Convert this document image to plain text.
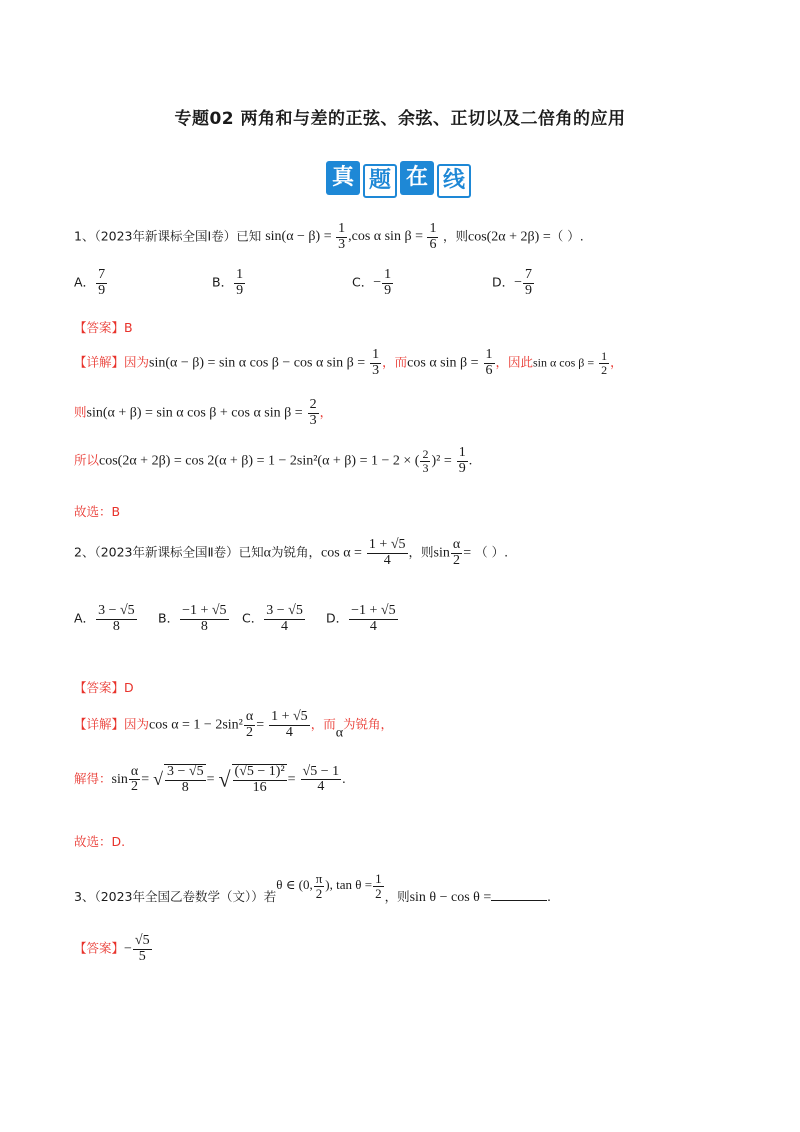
专题02 两角和与差的正弦、余弦、正切以及二倍角的应用
真 题 在 线
1、（2023年新课标全国Ⅰ卷）已知 $\sin(\alpha - \beta) = \frac{1}{3} ,\cos$ α $\sin \beta = \frac{1}{6}$ ，则cos(2α + 2β) =（ ）.
A． $\frac{7}{9}$	B． $\frac{1}{9}$	C．− $\frac{1}{9}$	D．− $\frac{7}{9}$
【答案】B
【详解】因为sin(α − β) = sin α cos β − cos α $\sin \beta = \frac{1}{3}$ ，而cos α $\sin \beta = \frac{1}{6}$ ，因此sin α $\cos \beta = \frac{1}{2}$ ，
则sin(α + β) = sin α cos β + cos α $\sin \beta = \frac{2}{3}$ ，
所以cos(2α + 2β) = cos 2(α + β) = 1 − 2sin²(α + β) = 1 − 2 × ( $\frac{2}{3} )^2 = \frac{1}{9}$ .
故选：B
2、（2023年新课标全国Ⅱ卷）已知α为锐角，$\cos \alpha = \frac{1 + √5}{4}$ ，则$\sin \frac{\alpha}{2}$ = （ ）.
A． $\frac{3 - √5}{8}$ B． $\frac{-1 + √5}{8}$ C． $\frac{3 - √5}{4}$ D． $\frac{-1 + √5}{4}$
【答案】D
【详解】因为$\cos \alpha = 1 - 2\sin^2 \frac{\alpha}{2} = \frac{1 + √5}{4}$ ，而α为锐角，
解得：$\sin \frac{\alpha}{2}$ = √ $\frac{3 - √5}{8}$ = √ $\frac{\text{(√5 − 1)²}}{16} = \frac{√5 - 1}{4}$ .
故选：D.
3、（2023年全国乙卷数学（文））若θ ∈ (0, $\frac{\pi}{2}$ ), $\tan \theta = \frac{1}{2}$ ，则sin θ − cos θ =	.
【答案】− $\frac{√5}{5}$
